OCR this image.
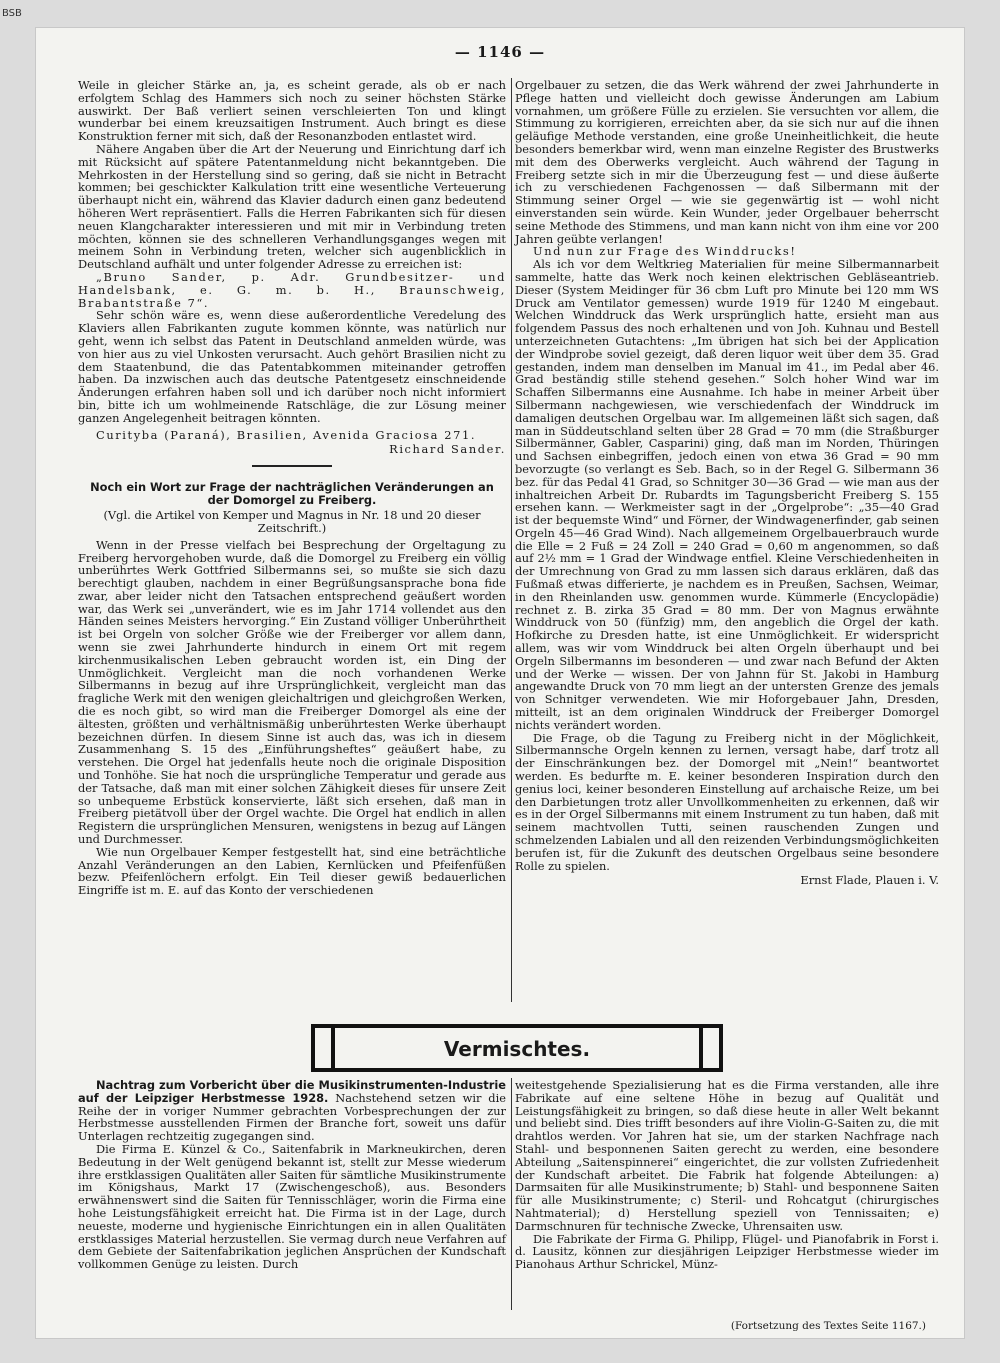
BSB
— 1146 —

Weile in gleicher Stärke an, ja, es scheint gerade, als ob er nach erfolgtem Schlag des Hammers sich noch zu seiner höchsten Stärke auswirkt. Der Baß verliert seinen verschleierten Ton und klingt wunderbar bei einem kreuzsaitigen Instrument. Auch bringt es diese Konstruktion ferner mit sich, daß der Resonanzboden entlastet wird.

Nähere Angaben über die Art der Neuerung und Einrichtung darf ich mit Rücksicht auf spätere Patentanmeldung nicht bekanntgeben. Die Mehrkosten in der Herstellung sind so gering, daß sie nicht in Betracht kommen; bei geschickter Kalkulation tritt eine wesentliche Verteuerung überhaupt nicht ein, während das Klavier dadurch einen ganz bedeutend höheren Wert repräsentiert. Falls die Herren Fabrikanten sich für diesen neuen Klangcharakter interessieren und mit mir in Verbindung treten möchten, können sie des schnelleren Verhandlungsganges wegen mit meinem Sohn in Verbindung treten, welcher sich augenblicklich in Deutschland aufhält und unter folgender Adresse zu erreichen ist:

„Bruno Sander, p. Adr. Grundbesitzer- und Handelsbank, e. G. m. b. H., Braunschweig, Brabantstraße 7“.

Sehr schön wäre es, wenn diese außerordentliche Veredelung des Klaviers allen Fabrikanten zugute kommen könnte, was natürlich nur geht, wenn ich selbst das Patent in Deutschland anmelden würde, was von hier aus zu viel Unkosten verursacht. Auch gehört Brasilien nicht zu dem Staatenbund, die das Patentabkommen miteinander getroffen haben. Da inzwischen auch das deutsche Patentgesetz einschneidende Änderungen erfahren haben soll und ich darüber noch nicht informiert bin, bitte ich um wohlmeinende Ratschläge, die zur Lösung meiner ganzen Angelegenheit beitragen könnten.

Curityba (Paraná), Brasilien, Avenida Graciosa 271.

Richard Sander.

Noch ein Wort zur Frage der nachträglichen Veränderungen an der Domorgel zu Freiberg.
(Vgl. die Artikel von Kemper und Magnus in Nr. 18 und 20 dieser Zeitschrift.)

Wenn in der Presse vielfach bei Besprechung der Orgeltagung zu Freiberg hervorgehoben wurde, daß die Domorgel zu Freiberg ein völlig unberührtes Werk Gottfried Silbermanns sei, so mußte sie sich dazu berechtigt glauben, nachdem in einer Begrüßungsansprache bona fide zwar, aber leider nicht den Tatsachen entsprechend geäußert worden war, das Werk sei „unverändert, wie es im Jahr 1714 vollendet aus den Händen seines Meisters hervorging.“ Ein Zustand völliger Unberührtheit ist bei Orgeln von solcher Größe wie der Freiberger vor allem dann, wenn sie zwei Jahrhunderte hindurch in einem Ort mit regem kirchenmusikalischen Leben gebraucht worden ist, ein Ding der Unmöglichkeit. Vergleicht man die noch vorhandenen Werke Silbermanns in bezug auf ihre Ursprünglichkeit, vergleicht man das fragliche Werk mit den wenigen gleichaltrigen und gleichgroßen Werken, die es noch gibt, so wird man die Freiberger Domorgel als eine der ältesten, größten und verhältnismäßig unberührtesten Werke überhaupt bezeichnen dürfen. In diesem Sinne ist auch das, was ich in diesem Zusammenhang S. 15 des „Einführungsheftes“ geäußert habe, zu verstehen. Die Orgel hat jedenfalls heute noch die originale Disposition und Tonhöhe. Sie hat noch die ursprüngliche Temperatur und gerade aus der Tatsache, daß man mit einer solchen Zähigkeit dieses für unsere Zeit so unbequeme Erbstück konservierte, läßt sich ersehen, daß man in Freiberg pietätvoll über der Orgel wachte. Die Orgel hat endlich in allen Registern die ursprünglichen Mensuren, wenigstens in bezug auf Längen und Durchmesser.

Wie nun Orgelbauer Kemper festgestellt hat, sind eine beträchtliche Anzahl Veränderungen an den Labien, Kernlücken und Pfeifenfüßen bezw. Pfeifenlöchern erfolgt. Ein Teil dieser gewiß bedauerlichen Eingriffe ist m. E. auf das Konto der verschiedenen

Orgelbauer zu setzen, die das Werk während der zwei Jahrhunderte in Pflege hatten und vielleicht doch gewisse Änderungen am Labium vornahmen, um größere Fülle zu erzielen. Sie versuchten vor allem, die Stimmung zu korrigieren, erreichten aber, da sie sich nur auf die ihnen geläufige Methode verstanden, eine große Uneinheitlichkeit, die heute besonders bemerkbar wird, wenn man einzelne Register des Brustwerks mit dem des Oberwerks vergleicht. Auch während der Tagung in Freiberg setzte sich in mir die Überzeugung fest — und diese äußerte ich zu verschiedenen Fachgenossen — daß Silbermann mit der Stimmung seiner Orgel — wie sie gegenwärtig ist — wohl nicht einverstanden sein würde. Kein Wunder, jeder Orgelbauer beherrscht seine Methode des Stimmens, und man kann nicht von ihm eine vor 200 Jahren geübte verlangen!

Und nun zur Frage des Winddrucks!

Als ich vor dem Weltkrieg Materialien für meine Silbermannarbeit sammelte, hatte das Werk noch keinen elektrischen Gebläseantrieb. Dieser (System Meidinger für 36 cbm Luft pro Minute bei 120 mm WS Druck am Ventilator gemessen) wurde 1919 für 1240 M eingebaut. Welchen Winddruck das Werk ursprünglich hatte, ersieht man aus folgendem Passus des noch erhaltenen und von Joh. Kuhnau und Bestell unterzeichneten Gutachtens: „Im übrigen hat sich bei der Application der Windprobe soviel gezeigt, daß deren liquor weit über dem 35. Grad gestanden, indem man denselben im Manual im 41., im Pedal aber 46. Grad beständig stille stehend gesehen.“ Solch hoher Wind war im Schaffen Silbermanns eine Ausnahme. Ich habe in meiner Arbeit über Silbermann nachgewiesen, wie verschiedenfach der Winddruck im damaligen deutschen Orgelbau war. Im allgemeinen läßt sich sagen, daß man in Süddeutschland selten über 28 Grad = 70 mm (die Straßburger Silbermänner, Gabler, Casparini) ging, daß man im Norden, Thüringen und Sachsen einbegriffen, jedoch einen von etwa 36 Grad = 90 mm bevorzugte (so verlangt es Seb. Bach, so in der Regel G. Silbermann 36 bez. für das Pedal 41 Grad, so Schnitger 30—36 Grad — wie man aus der inhaltreichen Arbeit Dr. Rubardts im Tagungsbericht Freiberg S. 155 ersehen kann. — Werkmeister sagt in der „Orgelprobe“: „35—40 Grad ist der bequemste Wind“ und Förner, der Windwagenerfinder, gab seinen Orgeln 45—46 Grad Wind). Nach allgemeinem Orgelbauerbrauch wurde die Elle = 2 Fuß = 24 Zoll = 240 Grad = 0,60 m angenommen, so daß auf 2½ mm = 1 Grad der Windwage entfiel. Kleine Verschiedenheiten in der Umrechnung von Grad zu mm lassen sich daraus erklären, daß das Fußmaß etwas differierte, je nachdem es in Preußen, Sachsen, Weimar, in den Rheinlanden usw. genommen wurde. Kümmerle (Encyclopädie) rechnet z. B. zirka 35 Grad = 80 mm. Der von Magnus erwähnte Winddruck von 50 (fünfzig) mm, den angeblich die Orgel der kath. Hofkirche zu Dresden hatte, ist eine Unmöglichkeit. Er widerspricht allem, was wir vom Winddruck bei alten Orgeln überhaupt und bei Orgeln Silbermanns im besonderen — und zwar nach Befund der Akten und der Werke — wissen. Der von Jahnn für St. Jakobi in Hamburg angewandte Druck von 70 mm liegt an der untersten Grenze des jemals von Schnitger verwendeten. Wie mir Hoforgebauer Jahn, Dresden, mitteilt, ist an dem originalen Winddruck der Freiberger Domorgel nichts verändert worden.

Die Frage, ob die Tagung zu Freiberg nicht in der Möglichkeit, Silbermannsche Orgeln kennen zu lernen, versagt habe, darf trotz all der Einschränkungen bez. der Domorgel mit „Nein!“ beantwortet werden. Es bedurfte m. E. keiner besonderen Inspiration durch den genius loci, keiner besonderen Einstellung auf archaische Reize, um bei den Darbietungen trotz aller Unvollkommenheiten zu erkennen, daß wir es in der Orgel Silbermanns mit einem Instrument zu tun haben, daß mit seinem machtvollen Tutti, seinen rauschenden Zungen und schmelzenden Labialen und all den reizenden Verbindungsmöglichkeiten berufen ist, für die Zukunft des deutschen Orgelbaus seine besondere Rolle zu spielen.

Ernst Flade, Plauen i. V.

Vermischtes.

Nachtrag zum Vorbericht über die Musikinstrumenten-Industrie auf der Leipziger Herbstmesse 1928. Nachstehend setzen wir die Reihe der in voriger Nummer gebrachten Vorbesprechungen der zur Herbstmesse ausstellenden Firmen der Branche fort, soweit uns dafür Unterlagen rechtzeitig zugegangen sind.

Die Firma E. Künzel & Co., Saitenfabrik in Markneukirchen, deren Bedeutung in der Welt genügend bekannt ist, stellt zur Messe wiederum ihre erstklassigen Qualitäten aller Saiten für sämtliche Musikinstrumente im Königshaus, Markt 17 (Zwischengeschoß), aus. Besonders erwähnenswert sind die Saiten für Tennisschläger, worin die Firma eine hohe Leistungsfähigkeit erreicht hat. Die Firma ist in der Lage, durch neueste, moderne und hygienische Einrichtungen ein in allen Qualitäten erstklassiges Material herzustellen. Sie vermag durch neue Verfahren auf dem Gebiete der Saitenfabrikation jeglichen Ansprüchen der Kundschaft vollkommen Genüge zu leisten. Durch

weitestgehende Spezialisierung hat es die Firma verstanden, alle ihre Fabrikate auf eine seltene Höhe in bezug auf Qualität und Leistungsfähigkeit zu bringen, so daß diese heute in aller Welt bekannt und beliebt sind. Dies trifft besonders auf ihre Violin-G-Saiten zu, die mit drahtlos werden. Vor Jahren hat sie, um der starken Nachfrage nach Stahl- und besponnenen Saiten gerecht zu werden, eine besondere Abteilung „Saitenspinnerei“ eingerichtet, die zur vollsten Zufriedenheit der Kundschaft arbeitet. Die Fabrik hat folgende Abteilungen: a) Darmsaiten für alle Musikinstrumente; b) Stahl- und besponnene Saiten für alle Musikinstrumente; c) Steril- und Rohcatgut (chirurgisches Nahtmaterial); d) Herstellung speziell von Tennissaiten; e) Darmschnuren für technische Zwecke, Uhrensaiten usw.

Die Fabrikate der Firma G. Philipp, Flügel- und Pianofabrik in Forst i. d. Lausitz, können zur diesjährigen Leipziger Herbstmesse wieder im Pianohaus Arthur Schrickel, Münz-

(Fortsetzung des Textes Seite 1167.)
